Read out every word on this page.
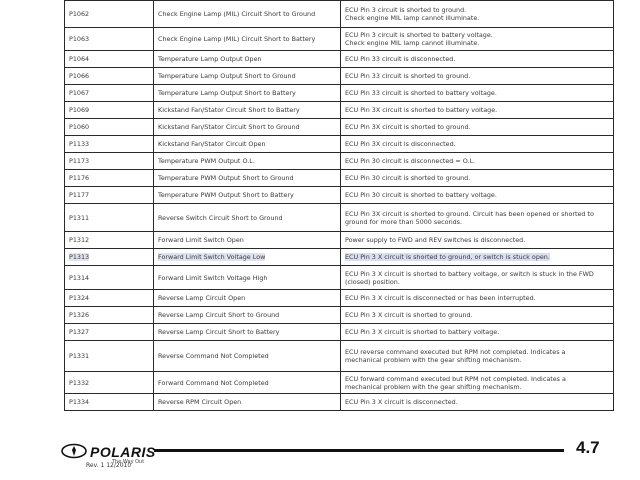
P1062	Check Engine Lamp (MIL) Circuit Short to Ground	ECU Pin 3 circuit is shorted to ground.
Check engine MIL lamp cannot illuminate.
P1063	Check Engine Lamp (MIL) Circuit Short to Battery	ECU Pin 3 circuit is shorted to battery voltage.
Check engine MIL lamp cannot illuminate.
P1064	Temperature Lamp Output Open	ECU Pin 33 circuit is disconnected.
P1066	Temperature Lamp Output Short to Ground	ECU Pin 33 circuit is shorted to ground.
P1067	Temperature Lamp Output Short to Battery	ECU Pin 33 circuit is shorted to battery voltage.
P1069	Kickstand Fan/Stator Circuit Short to Battery	ECU Pin 3X circuit is shorted to battery voltage.
P1060	Kickstand Fan/Stator Circuit Short to Ground	ECU Pin 3X circuit is shorted to ground.
P1133	Kickstand Fan/Stator Circuit Open	ECU Pin 3X circuit is disconnected.
P1173	Temperature PWM Output O.L.	ECU Pin 30 circuit is disconnected = O.L.
P1176	Temperature PWM Output Short to Ground	ECU Pin 30 circuit is shorted to ground.
P1177	Temperature PWM Output Short to Battery	ECU Pin 30 circuit is shorted to battery voltage.
P1311	Reverse Switch Circuit Short to Ground	ECU Pin 3X circuit is shorted to ground. Circuit has been opened or shorted to
ground for more than 5000 seconds.
P1312	Forward Limit Switch Open	Power supply to FWD and REV switches is disconnected.
P1313	Forward Limit Switch Voltage Low	ECU Pin 3 X circuit is shorted to ground, or switch is stuck open.
P1314	Forward Limit Switch Voltage High	ECU Pin 3 X circuit is shorted to battery voltage, or switch is stuck in the FWD
(closed) position.
P1324	Reverse Lamp Circuit Open	ECU Pin 3 X circuit is disconnected or has been interrupted.
P1326	Reverse Lamp Circuit Short to Ground	ECU Pin 3 X circuit is shorted to ground.
P1327	Reverse Lamp Circuit Short to Battery	ECU Pin 3 X circuit is shorted to battery voltage.
P1331	Reverse Command Not Completed	ECU reverse command executed but RPM not completed. Indicates a
mechanical problem with the gear shifting mechanism.
P1332	Forward Command Not Completed	ECU forward command executed but RPM not completed. Indicates a
mechanical problem with the gear shifting mechanism.
P1334	Reverse RPM Circuit Open	ECU Pin 3 X circuit is disconnected.
POLARIS
The Way Out
Rev. 1 12/2010
4.7
